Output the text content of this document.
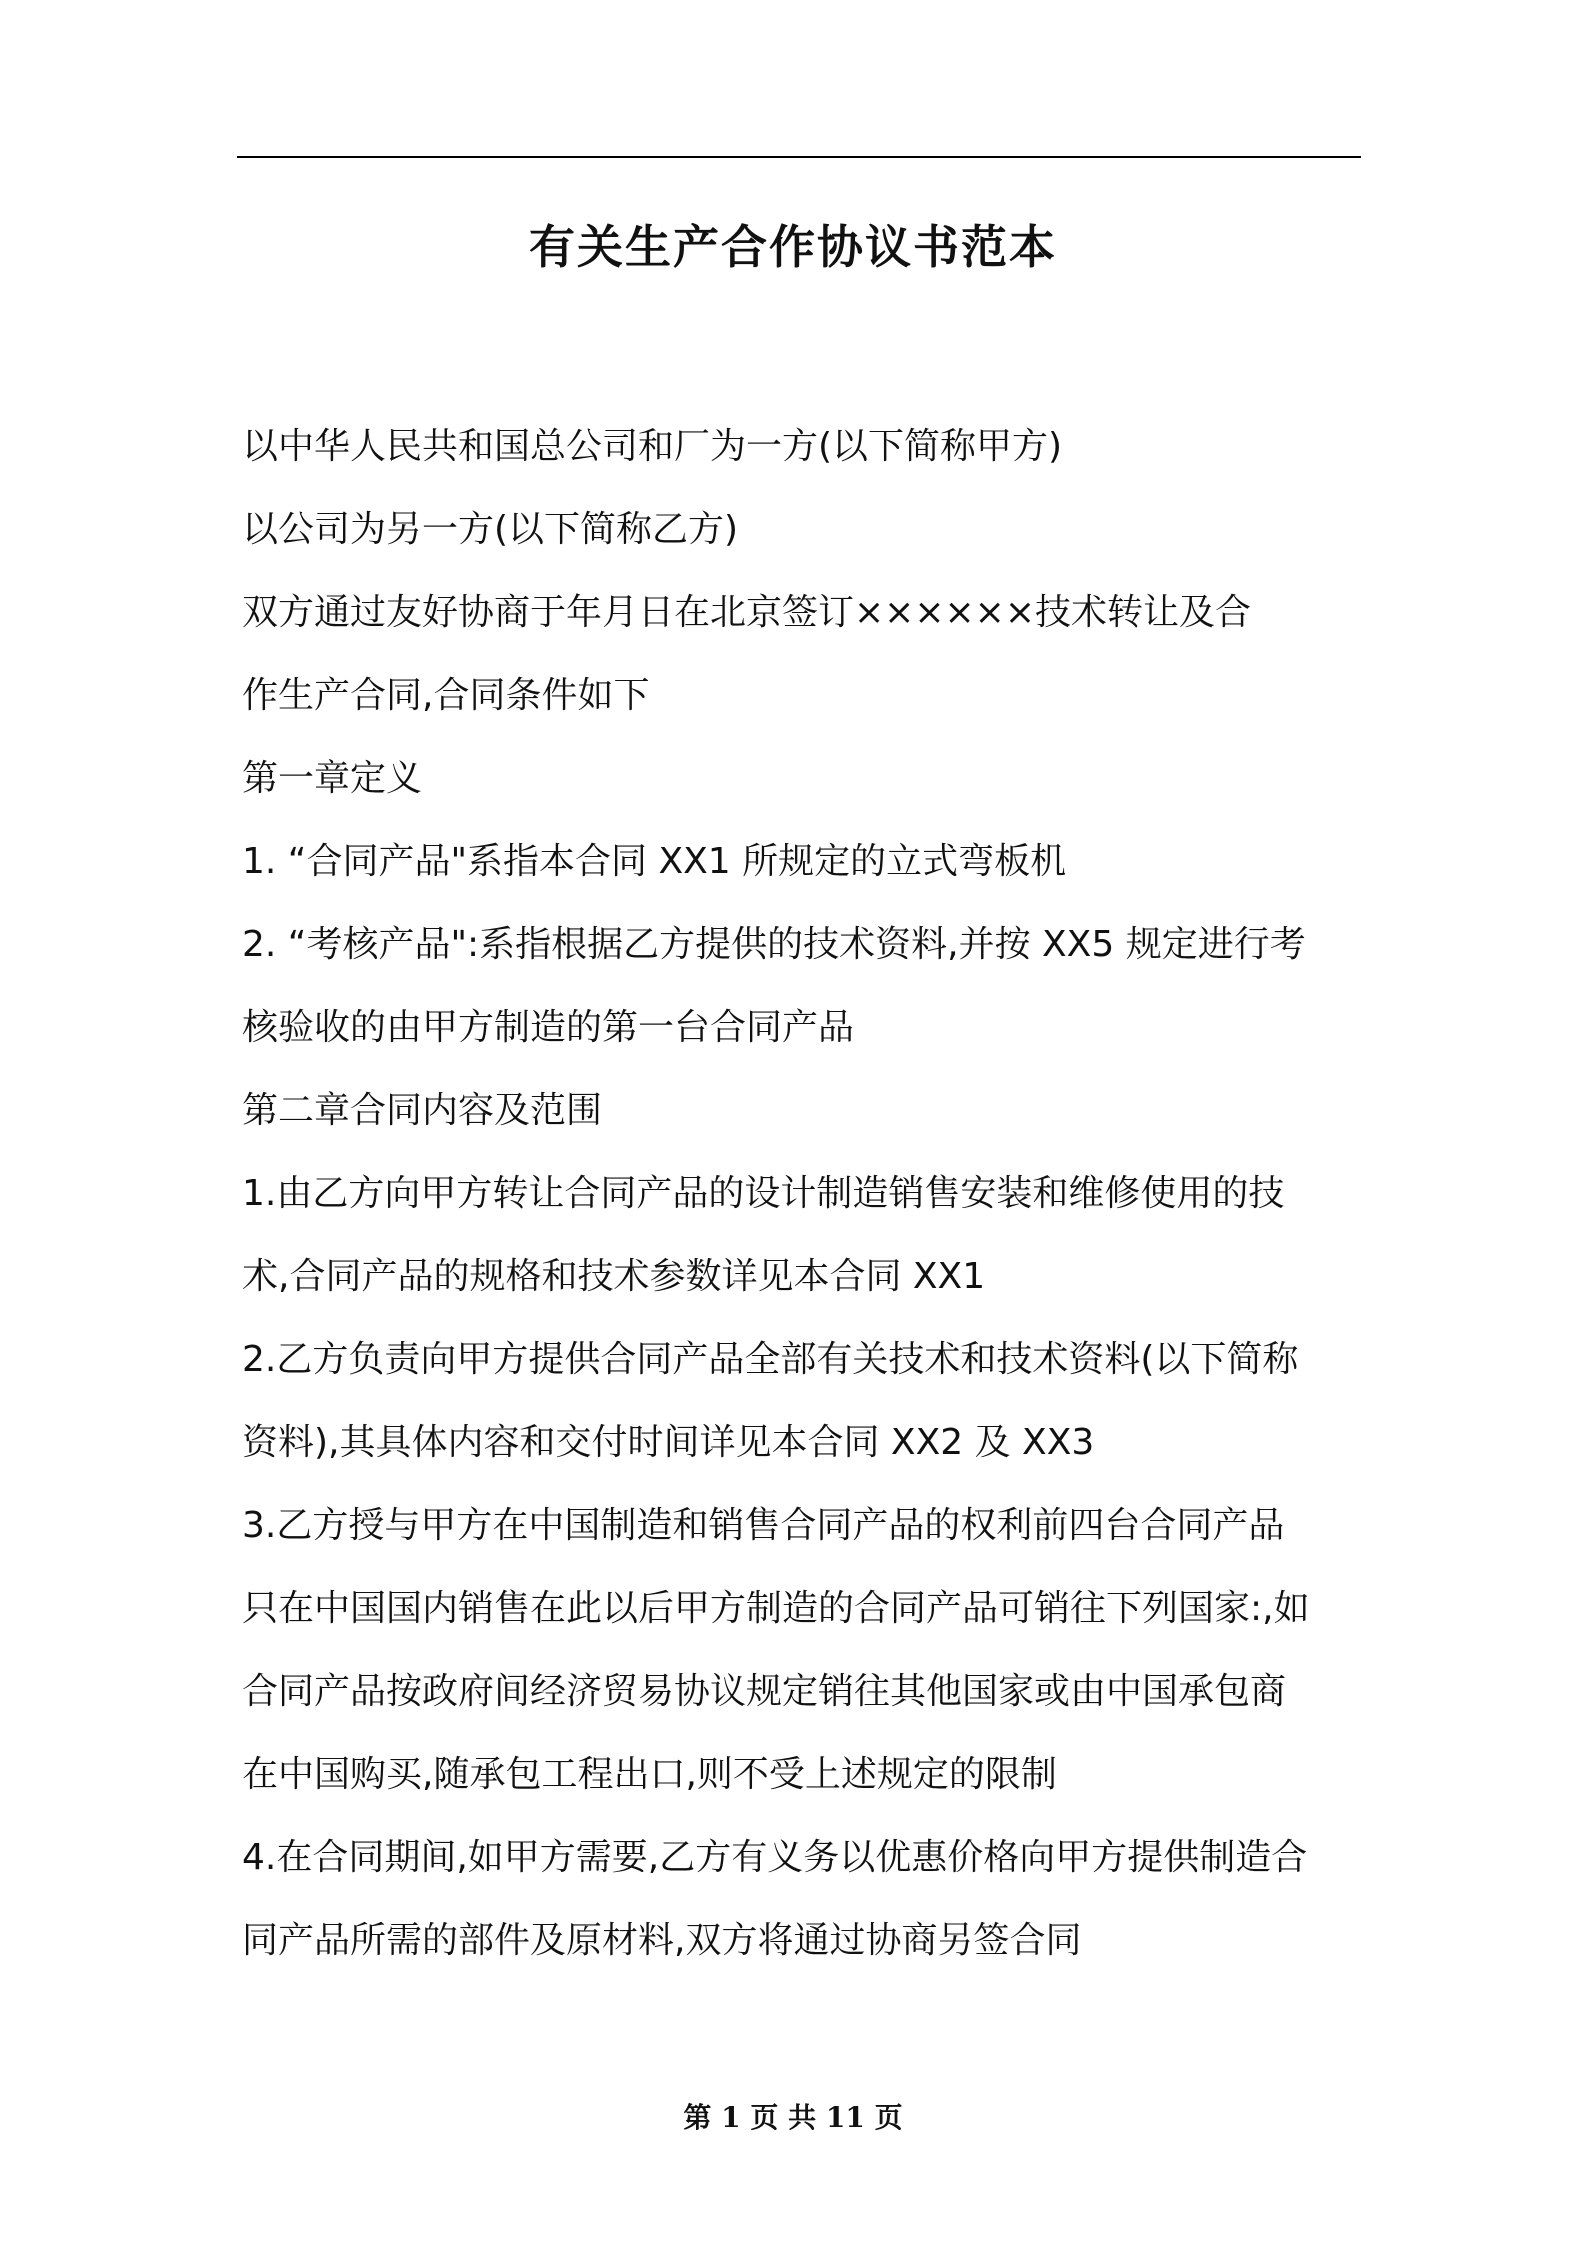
有关生产合作协议书范本

以中华人民共和国总公司和厂为一方(以下简称甲方)

以公司为另一方(以下简称乙方)

双方通过友好协商于年月日在北京签订××××××技术转让及合

作生产合同,合同条件如下

第一章定义

1. “合同产品"系指本合同 XX1 所规定的立式弯板机

2. “考核产品":系指根据乙方提供的技术资料,并按 XX5 规定进行考

核验收的由甲方制造的第一台合同产品

第二章合同内容及范围

1.由乙方向甲方转让合同产品的设计制造销售安装和维修使用的技

术,合同产品的规格和技术参数详见本合同 XX1

2.乙方负责向甲方提供合同产品全部有关技术和技术资料(以下简称

资料),其具体内容和交付时间详见本合同 XX2 及 XX3

3.乙方授与甲方在中国制造和销售合同产品的权利前四台合同产品

只在中国国内销售在此以后甲方制造的合同产品可销往下列国家:,如

合同产品按政府间经济贸易协议规定销往其他国家或由中国承包商

在中国购买,随承包工程出口,则不受上述规定的限制

4.在合同期间,如甲方需要,乙方有义务以优惠价格向甲方提供制造合

同产品所需的部件及原材料,双方将通过协商另签合同

第 1 页 共 11 页
